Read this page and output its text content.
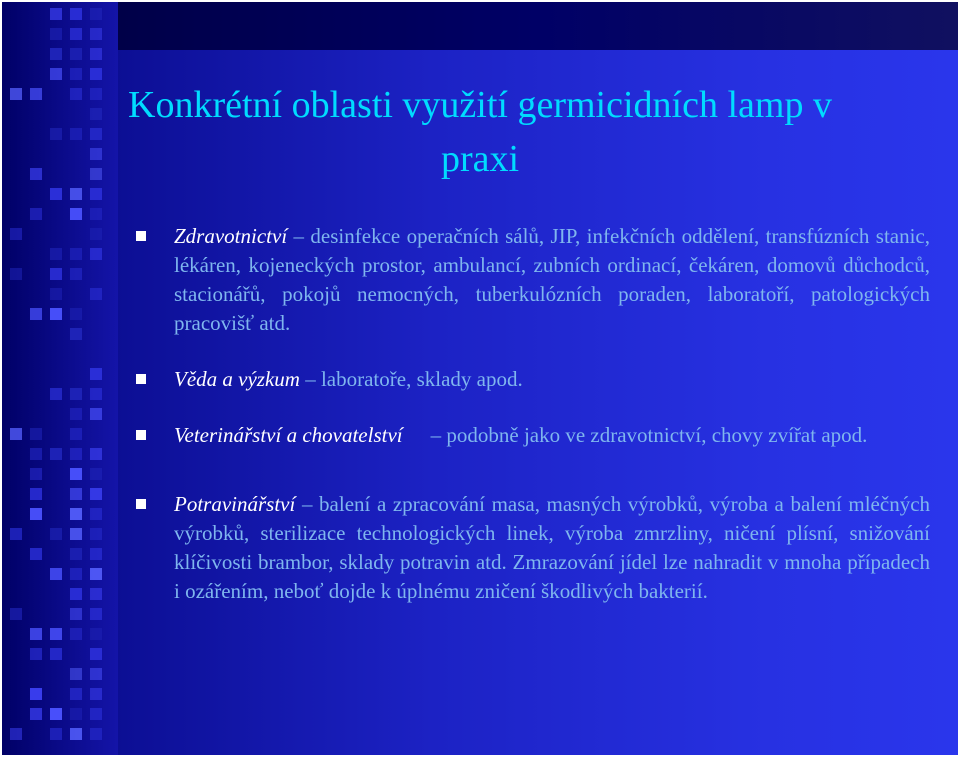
Konkrétní oblasti využití germicidních lamp v praxi
Zdravotnictví – desinfekce operačních sálů, JIP, infekčních oddělení, transfúzních stanic, lékáren, kojeneckých prostor, ambulancí, zubních ordinací, čekáren, domovů důchodců, stacionářů, pokojů nemocných, tuberkulózních poraden, laboratoří, patologických pracovišť atd.
Věda a výzkum – laboratoře, sklady apod.
Veterinářství a chovatelství – podobně jako ve zdravotnictví, chovy zvířat apod.
Potravinářství – balení a zpracování masa, masných výrobků, výroba a balení mléčných výrobků, sterilizace technologických linek, výroba zmrzliny, ničení plísní, snižování klíčivosti brambor, sklady potravin atd. Zmrazování jídel lze nahradit v mnoha případech i ozářením, neboť dojde k úplnému zničení škodlivých bakterií.
